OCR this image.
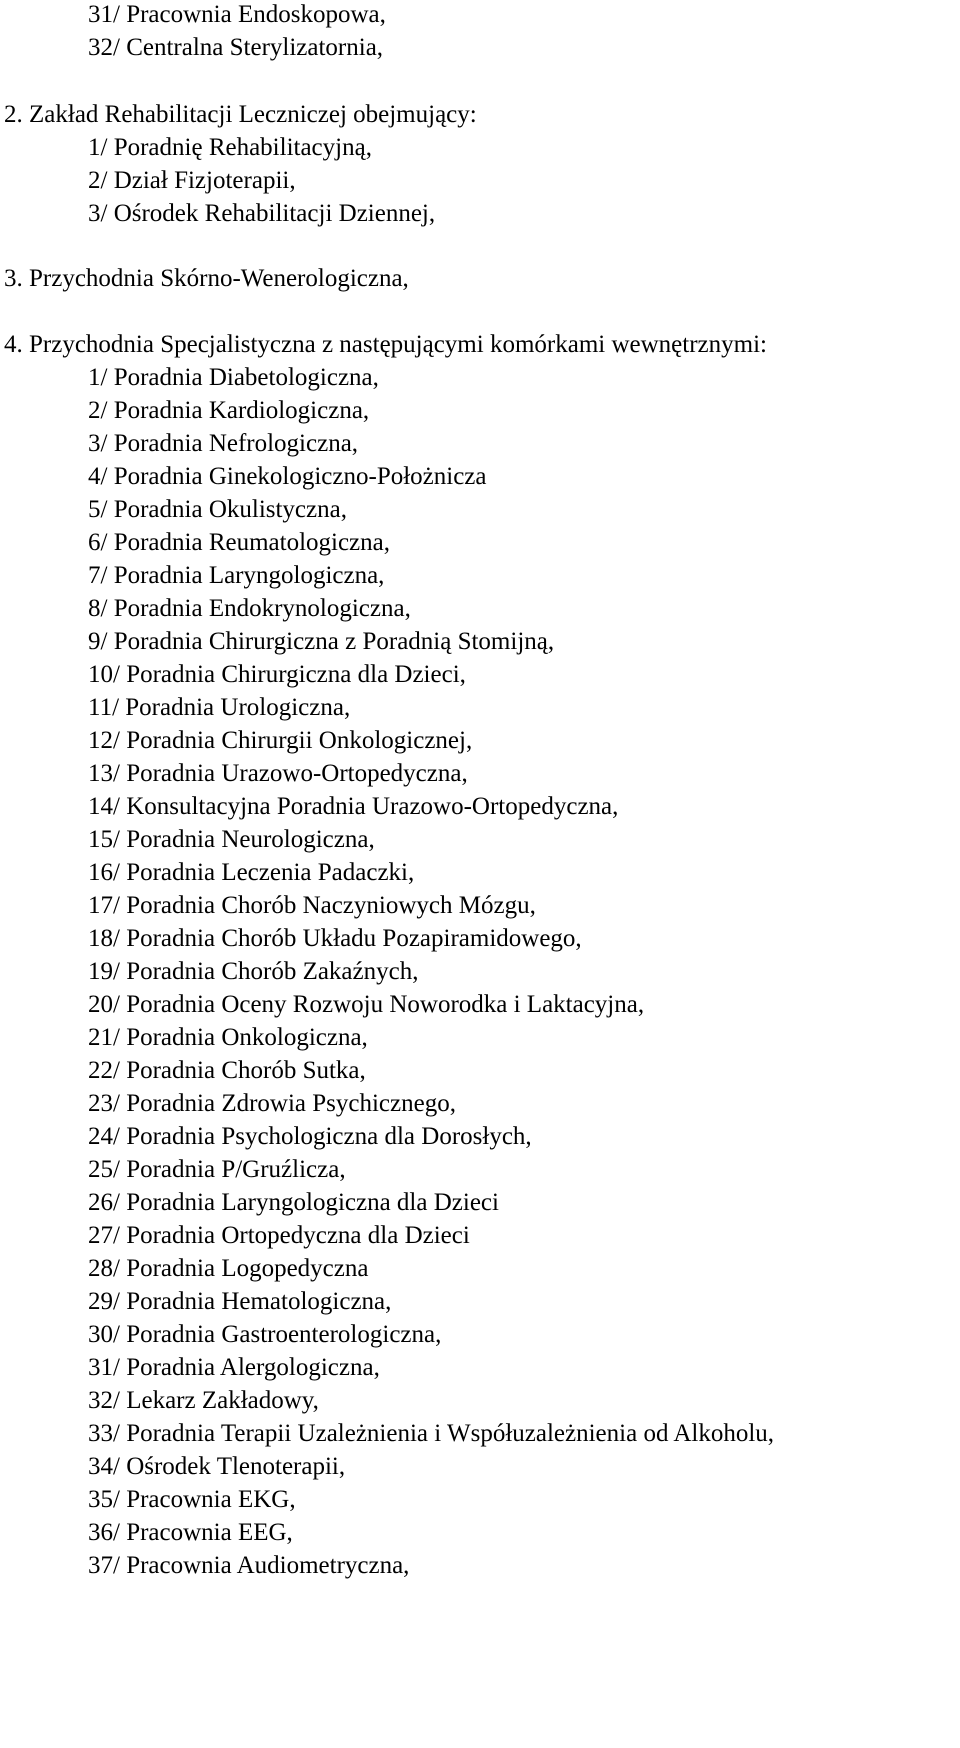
31/ Pracownia Endoskopowa,
32/ Centralna Sterylizatornia,
2. Zakład Rehabilitacji Leczniczej obejmujący:
1/ Poradnię Rehabilitacyjną,
2/ Dział Fizjoterapii,
3/ Ośrodek Rehabilitacji Dziennej,
3. Przychodnia Skórno-Wenerologiczna,
4. Przychodnia Specjalistyczna z następującymi komórkami wewnętrznymi:
1/ Poradnia Diabetologiczna,
2/ Poradnia Kardiologiczna,
3/ Poradnia Nefrologiczna,
4/ Poradnia Ginekologiczno-Położnicza
5/ Poradnia Okulistyczna,
6/ Poradnia Reumatologiczna,
7/ Poradnia Laryngologiczna,
8/ Poradnia Endokrynologiczna,
9/ Poradnia Chirurgiczna z Poradnią Stomijną,
10/ Poradnia Chirurgiczna dla Dzieci,
11/ Poradnia Urologiczna,
12/ Poradnia Chirurgii Onkologicznej,
13/ Poradnia Urazowo-Ortopedyczna,
14/ Konsultacyjna Poradnia Urazowo-Ortopedyczna,
15/ Poradnia Neurologiczna,
16/ Poradnia Leczenia Padaczki,
17/ Poradnia Chorób Naczyniowych Mózgu,
18/ Poradnia Chorób Układu Pozapiramidowego,
19/ Poradnia Chorób Zakaźnych,
20/ Poradnia Oceny Rozwoju Noworodka i Laktacyjna,
21/ Poradnia Onkologiczna,
22/ Poradnia Chorób Sutka,
23/ Poradnia Zdrowia Psychicznego,
24/ Poradnia Psychologiczna dla Dorosłych,
25/ Poradnia P/Gruźlicza,
26/ Poradnia Laryngologiczna dla Dzieci
27/ Poradnia Ortopedyczna dla Dzieci
28/ Poradnia Logopedyczna
29/ Poradnia Hematologiczna,
30/ Poradnia Gastroenterologiczna,
31/ Poradnia Alergologiczna,
32/ Lekarz Zakładowy,
33/ Poradnia Terapii Uzależnienia i Współuzależnienia od Alkoholu,
34/ Ośrodek Tlenoterapii,
35/ Pracownia EKG,
36/ Pracownia EEG,
37/ Pracownia Audiometryczna,
